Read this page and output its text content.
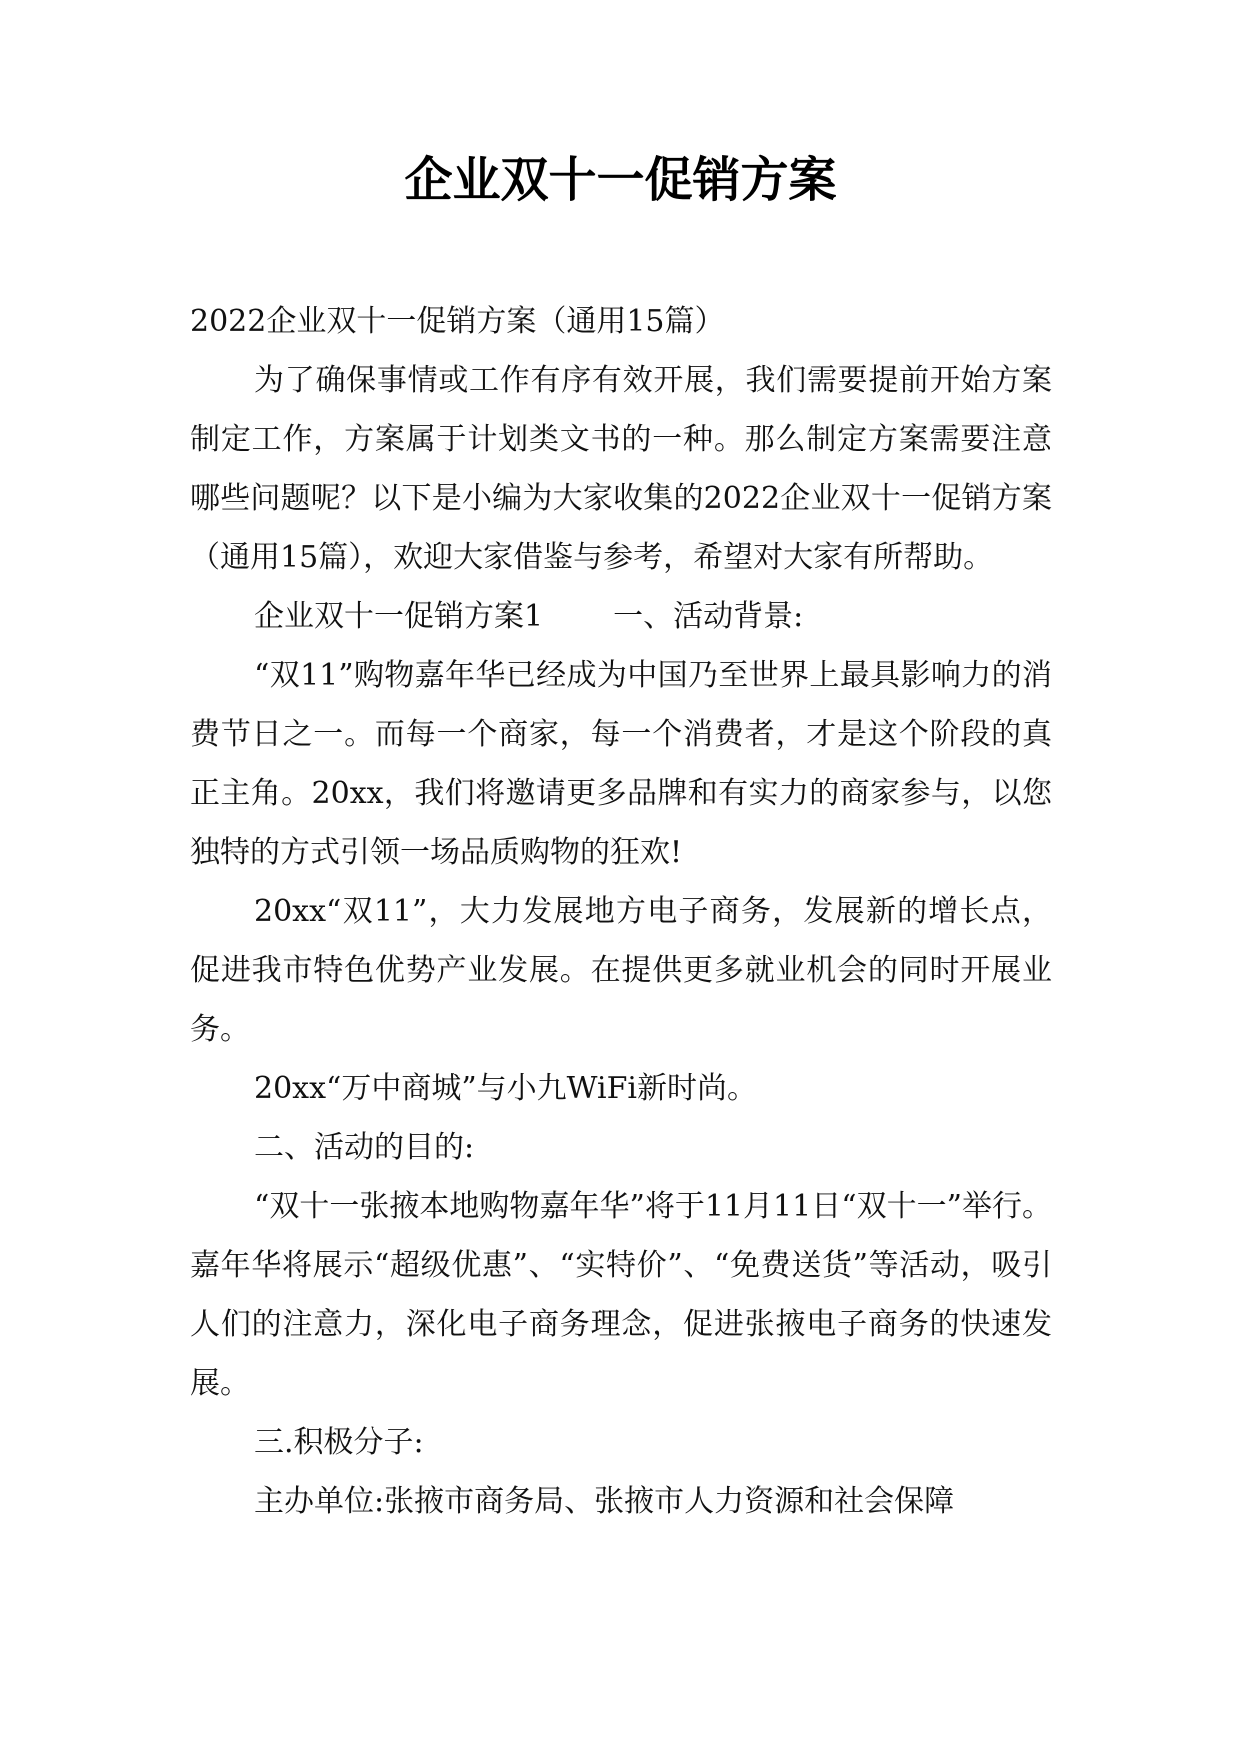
企业双十一促销方案

2022企业双十一促销方案（通用15篇）

为了确保事情或工作有序有效开展，我们需要提前开始方案制定工作，方案属于计划类文书的一种。那么制定方案需要注意哪些问题呢？以下是小编为大家收集的2022企业双十一促销方案（通用15篇），欢迎大家借鉴与参考，希望对大家有所帮助。

企业双十一促销方案1 一、活动背景:

“双11”购物嘉年华已经成为中国乃至世界上最具影响力的消费节日之一。而每一个商家，每一个消费者，才是这个阶段的真正主角。20xx，我们将邀请更多品牌和有实力的商家参与，以您独特的方式引领一场品质购物的狂欢!

20xx“双11”，大力发展地方电子商务，发展新的增长点，促进我市特色优势产业发展。在提供更多就业机会的同时开展业务。

20xx“万中商城”与小九WiFi新时尚。

二、活动的目的:

“双十一张掖本地购物嘉年华”将于11月11日“双十一”举行。嘉年华将展示“超级优惠”、“实特价”、“免费送货”等活动，吸引人们的注意力，深化电子商务理念，促进张掖电子商务的快速发展。

三.积极分子:

主办单位:张掖市商务局、张掖市人力资源和社会保障
